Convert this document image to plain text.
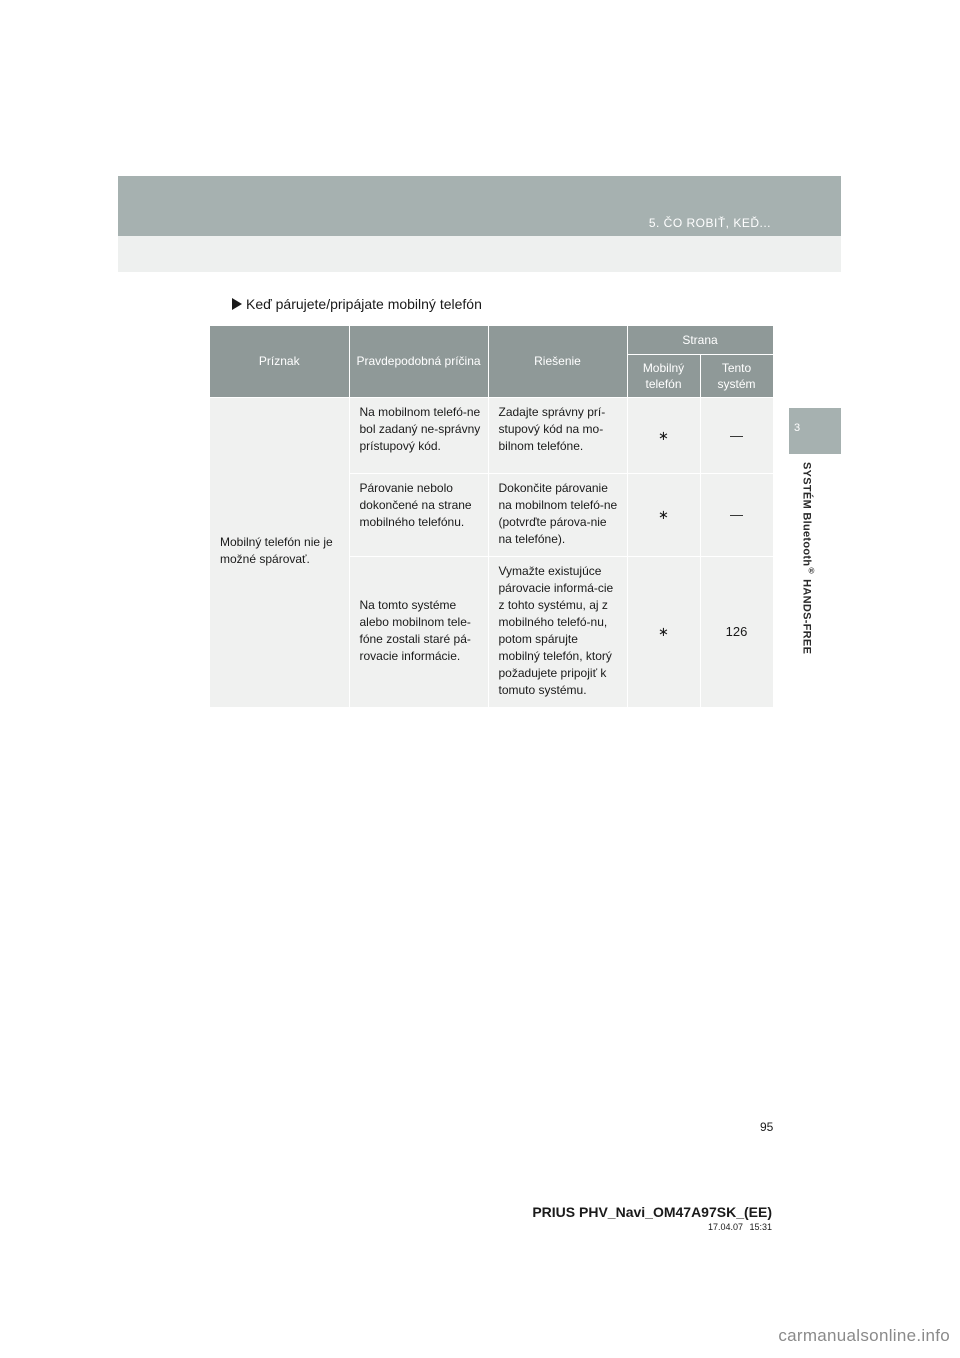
5. ČO ROBIŤ, KEĎ...
3
SYSTÉM Bluetooth® HANDS-FREE
Keď párujete/pripájate mobilný telefón
Príznak	Pravdepodobná príčina	Riešenie	Strana	
			Mobilný telefón	Tento systém
Mobilný telefón nie je možné spárovať.	Na mobilnom telefó-ne bol zadaný ne-správny prístupový kód.	Zadajte správny prí-stupový kód na mo-bilnom telefóne.	∗	—
	Párovanie nebolo dokončené na strane mobilného telefónu.	Dokončite párovanie na mobilnom telefó-ne (potvrďte párova-nie na telefóne).	∗	—
	Na tomto systéme alebo mobilnom tele-fóne zostali staré pá-rovacie informácie.	Vymažte existujúce párovacie informá-cie z tohto systému, aj z mobilného telefó-nu, potom spárujte mobilný telefón, ktorý požadujete pripojiť k tomuto systému.	∗	126
95
PRIUS PHV_Navi_OM47A97SK_(EE)
17.04.07 15:31
carmanualsonline.info
